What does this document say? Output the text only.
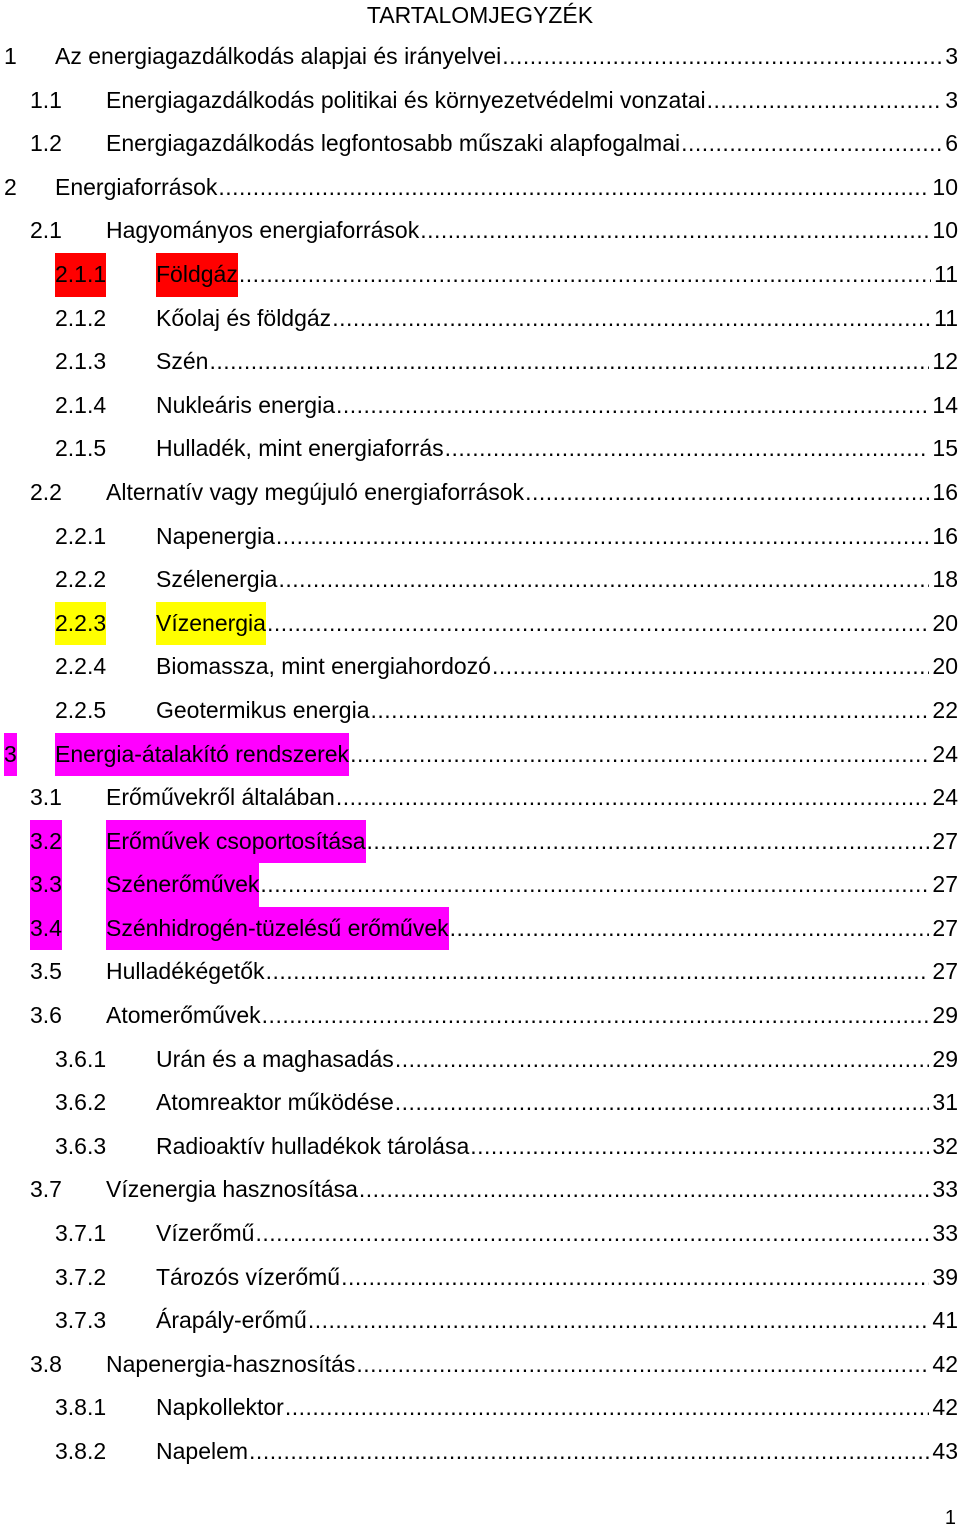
TARTALOMJEGYZÉK
1 Az energiagazdálkodás alapjai és irányelvei .....	3
1.1 Energiagazdálkodás politikai és környezetvédelmi vonzatai .....	3
1.2 Energiagazdálkodás legfontosabb műszaki alapfogalmai .....	6
2 Energiaforrások .....	10
2.1 Hagyományos energiaforrások .....	10
2.1.1 Földgáz .....	11
2.1.2 Kőolaj és földgáz .....	11
2.1.3 Szén .....	12
2.1.4 Nukleáris energia .....	14
2.1.5 Hulladék, mint energiaforrás .....	15
2.2 Alternatív vagy megújuló energiaforrások .....	16
2.2.1 Napenergia .....	16
2.2.2 Szélenergia .....	18
2.2.3 Vízenergia .....	20
2.2.4 Biomassza, mint energiahordozó .....	20
2.2.5 Geotermikus energia .....	22
3 Energia-átalakító rendszerek .....	24
3.1 Erőművekről általában .....	24
3.2 Erőművek csoportosítása .....	27
3.3 Szénerőművek .....	27
3.4 Szénhidrogén-tüzelésű erőművek .....	27
3.5 Hulladékégetők .....	27
3.6 Atomerőművek .....	29
3.6.1 Urán és a maghasadás .....	29
3.6.2 Atomreaktor működése .....	31
3.6.3 Radioaktív hulladékok tárolása .....	32
3.7 Vízenergia hasznosítása .....	33
3.7.1 Vízerőmű .....	33
3.7.2 Tározós vízerőmű .....	39
3.7.3 Árapály-erőmű .....	41
3.8 Napenergia-hasznosítás .....	42
3.8.1 Napkollektor .....	42
3.8.2 Napelem .....	43
1
